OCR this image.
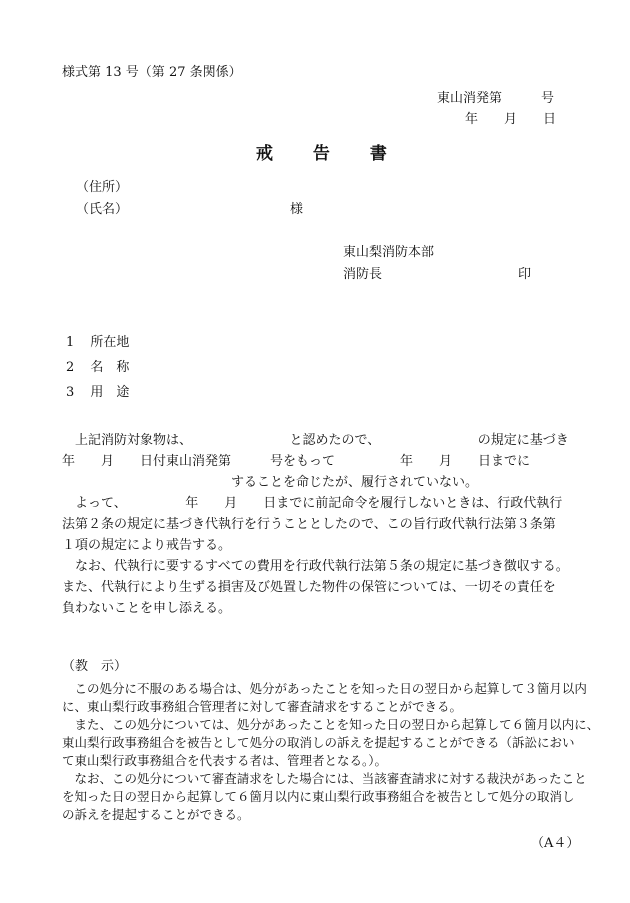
様式第 13 号（第 27 条関係）
東山消発第　　　号
年　　月　　日
戒 告 書
（住所）
（氏名）	様
東山梨消防本部
消防長	印
1 所在地
2 名　称
3 用　途
　上記消防対象物は、　　　　　　　　と認めたので、　　　　　　　　の規定に基づき
年　　月　　日付東山消発第　　　号をもって　　　　　年　　月　　日までに
　　　　　　　　　　　　　することを命じたが、履行されていない。
　よって、　　　　　年　　月　　日までに前記命令を履行しないときは、行政代執行
法第２条の規定に基づき代執行を行うこととしたので、この旨行政代執行法第３条第
１項の規定により戒告する。
　なお、代執行に要するすべての費用を行政代執行法第５条の規定に基づき徴収する。
また、代執行により生ずる損害及び処置した物件の保管については、一切その責任を
負わないことを申し添える。
（教　示）
　この処分に不服のある場合は、処分があったことを知った日の翌日から起算して３箇月以内
に、東山梨行政事務組合管理者に対して審査請求をすることができる。
　また、この処分については、処分があったことを知った日の翌日から起算して６箇月以内に、
東山梨行政事務組合を被告として処分の取消しの訴えを提起することができる（訴訟におい
て東山梨行政事務組合を代表する者は、管理者となる。）。
　なお、この処分について審査請求をした場合には、当該審査請求に対する裁決があったこと
を知った日の翌日から起算して６箇月以内に東山梨行政事務組合を被告として処分の取消し
の訴えを提起することができる。
（A４）
